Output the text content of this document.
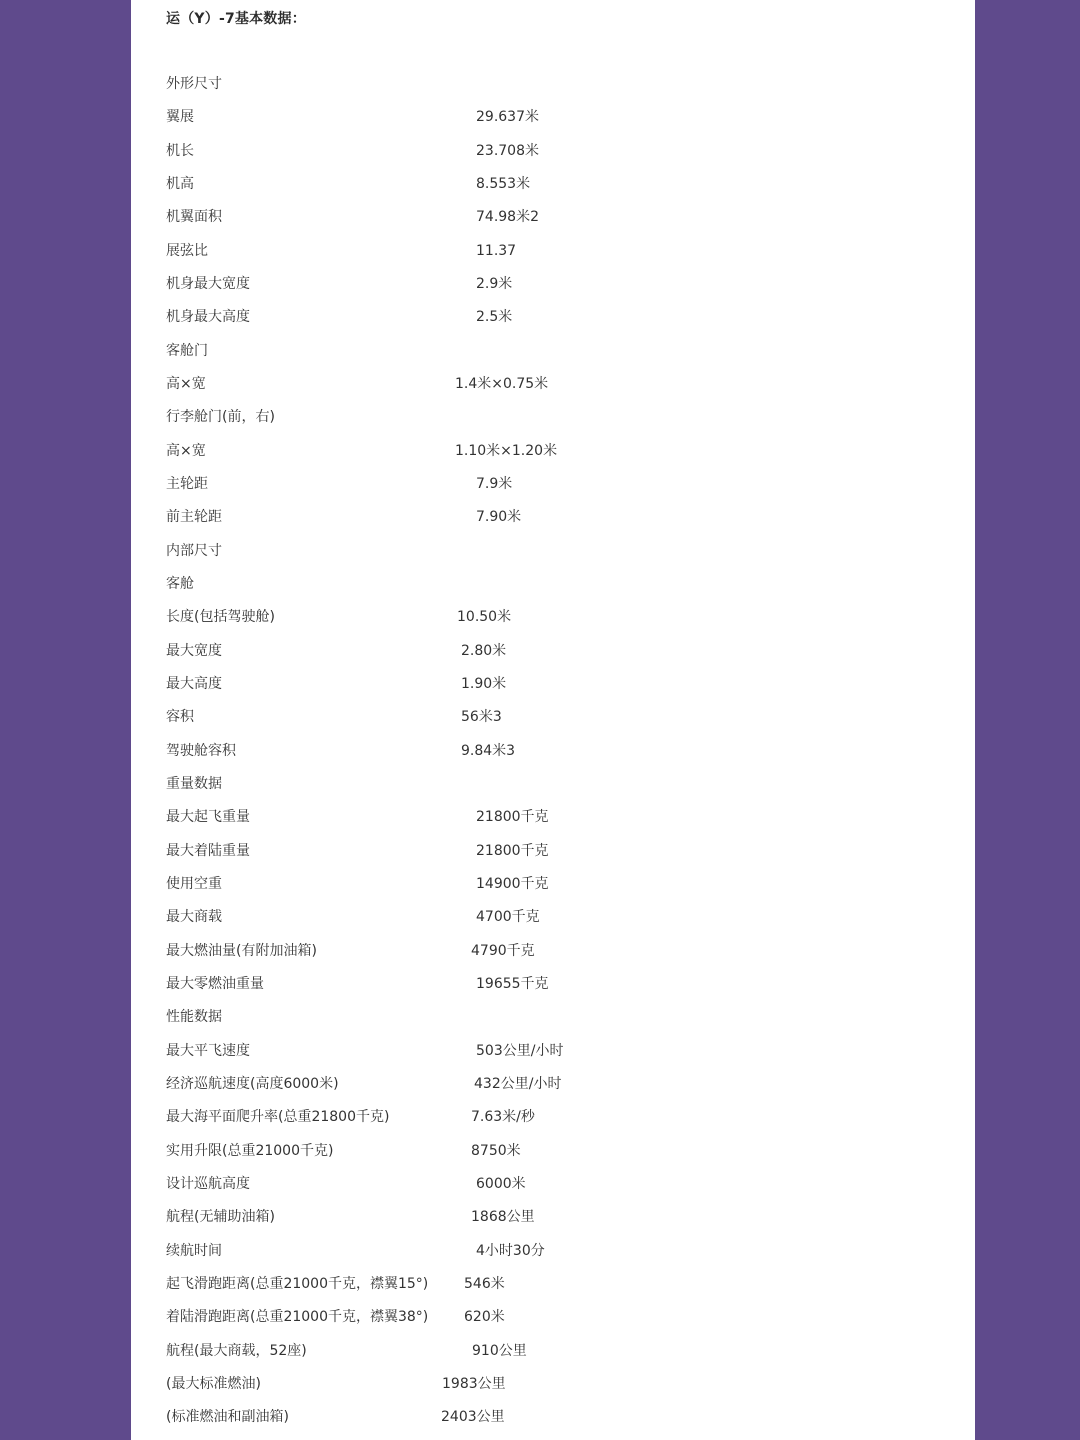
运（Y）-7基本数据：
外形尺寸
翼展	29.637米
机长	23.708米
机高	8.553米
机翼面积	74.98米2
展弦比	11.37
机身最大宽度	2.9米
机身最大高度	2.5米
客舱门
高×宽	1.4米×0.75米
行李舱门(前，右)
高×宽	1.10米×1.20米
主轮距	7.9米
前主轮距	7.90米
内部尺寸
客舱
长度(包括驾驶舱)	10.50米
最大宽度	2.80米
最大高度	1.90米
容积	56米3
驾驶舱容积	9.84米3
重量数据
最大起飞重量	21800千克
最大着陆重量	21800千克
使用空重	14900千克
最大商载	4700千克
最大燃油量(有附加油箱)	4790千克
最大零燃油重量	19655千克
性能数据
最大平飞速度	503公里/小时
经济巡航速度(高度6000米)	432公里/小时
最大海平面爬升率(总重21800千克)	7.63米/秒
实用升限(总重21000千克)	8750米
设计巡航高度	6000米
航程(无辅助油箱)	1868公里
续航时间	4小时30分
起飞滑跑距离(总重21000千克，襟翼15°)	546米
着陆滑跑距离(总重21000千克，襟翼38°)	620米
航程(最大商载，52座)	910公里
(最大标准燃油)	1983公里
(标准燃油和副油箱)	2403公里
